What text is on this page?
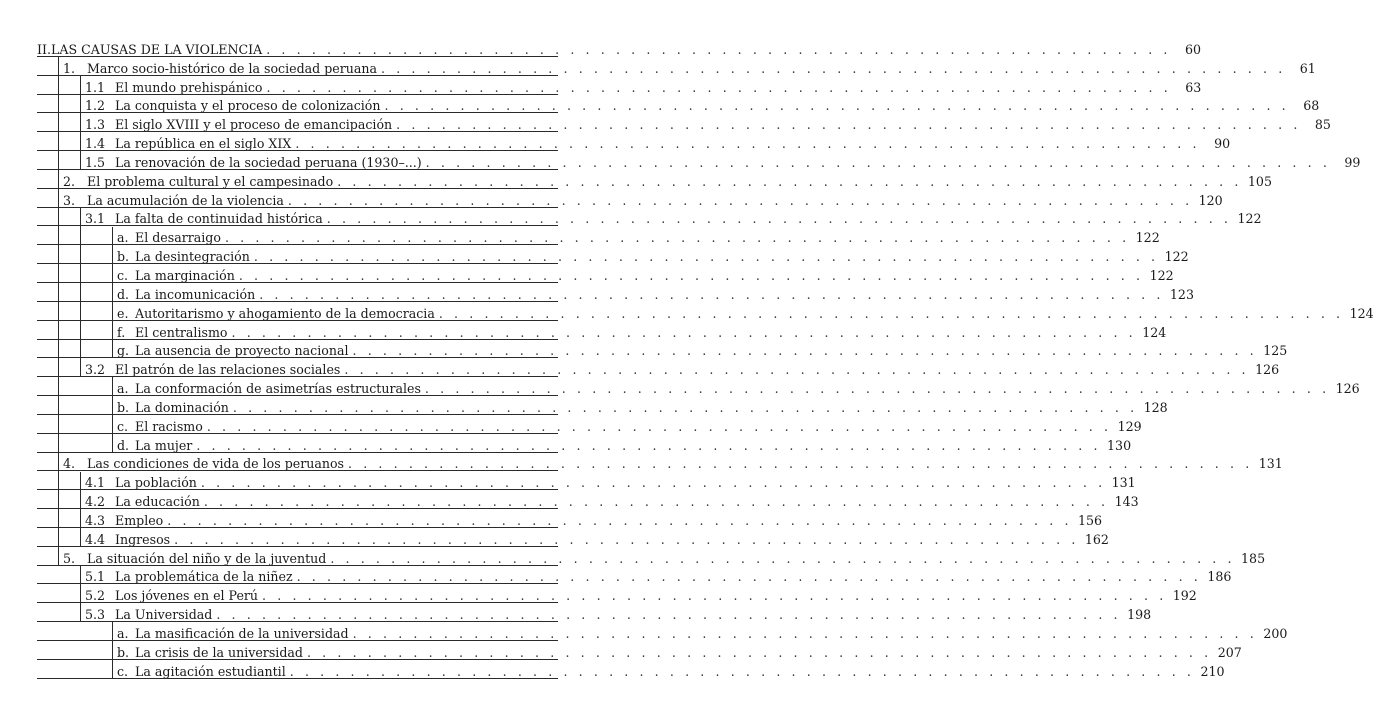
II. LAS CAUSAS DE LA VIOLENCIA . . . . . . . . . . . . . . . . . . . . . . . . . . . . . . . . . . . . . . . . . . . . . . . . . . . . . . . . . . . .	60
1. Marco socio-histórico de la sociedad peruana . . . . . . . . . . . . . . . . . . . . . . . . . . . . . . . . . . . . . . . . . . . . . . . . . . . . . . . . . . . .	61
1.1 El mundo prehispánico . . . . . . . . . . . . . . . . . . . . . . . . . . . . . . . . . . . . . . . . . . . . . . . . . . . . . . . . . . . .	63
1.2 La conquista y el proceso de colonización . . . . . . . . . . . . . . . . . . . . . . . . . . . . . . . . . . . . . . . . . . . . . . . . . . . . . . . . . . . .	68
1.3 El siglo XVIII y el proceso de emancipación . . . . . . . . . . . . . . . . . . . . . . . . . . . . . . . . . . . . . . . . . . . . . . . . . . . . . . . . . . . .	85
1.4 La república en el siglo XIX . . . . . . . . . . . . . . . . . . . . . . . . . . . . . . . . . . . . . . . . . . . . . . . . . . . . . . . . . . . .	90
1.5 La renovación de la sociedad peruana (1930–...) . . . . . . . . . . . . . . . . . . . . . . . . . . . . . . . . . . . . . . . . . . . . . . . . . . . . . . . . . . . .	99
2. El problema cultural y el campesinado . . . . . . . . . . . . . . . . . . . . . . . . . . . . . . . . . . . . . . . . . . . . . . . . . . . . . . . . . . . . 105
3. La acumulación de la violencia . . . . . . . . . . . . . . . . . . . . . . . . . . . . . . . . . . . . . . . . . . . . . . . . . . . . . . . . . . . . 120
3.1 La falta de continuidad histórica . . . . . . . . . . . . . . . . . . . . . . . . . . . . . . . . . . . . . . . . . . . . . . . . . . . . . . . . . . . . 122
a. El desarraigo . . . . . . . . . . . . . . . . . . . . . . . . . . . . . . . . . . . . . . . . . . . . . . . . . . . . . . . . . . . . 122
b. La desintegración . . . . . . . . . . . . . . . . . . . . . . . . . . . . . . . . . . . . . . . . . . . . . . . . . . . . . . . . . . . . 122
c. La marginación . . . . . . . . . . . . . . . . . . . . . . . . . . . . . . . . . . . . . . . . . . . . . . . . . . . . . . . . . . . . 122
d. La incomunicación . . . . . . . . . . . . . . . . . . . . . . . . . . . . . . . . . . . . . . . . . . . . . . . . . . . . . . . . . . . . 123
e. Autoritarismo y ahogamiento de la democracia . . . . . . . . . . . . . . . . . . . . . . . . . . . . . . . . . . . . . . . . . . . . . . . . . . . . . . . . . . . . 124
f. El centralismo . . . . . . . . . . . . . . . . . . . . . . . . . . . . . . . . . . . . . . . . . . . . . . . . . . . . . . . . . . . . 124
g. La ausencia de proyecto nacional . . . . . . . . . . . . . . . . . . . . . . . . . . . . . . . . . . . . . . . . . . . . . . . . . . . . . . . . . . . . 125
3.2 El patrón de las relaciones sociales . . . . . . . . . . . . . . . . . . . . . . . . . . . . . . . . . . . . . . . . . . . . . . . . . . . . . . . . . . . . 126
a. La conformación de asimetrías estructurales . . . . . . . . . . . . . . . . . . . . . . . . . . . . . . . . . . . . . . . . . . . . . . . . . . . . . . . . . . . . 126
b. La dominación . . . . . . . . . . . . . . . . . . . . . . . . . . . . . . . . . . . . . . . . . . . . . . . . . . . . . . . . . . . . 128
c. El racismo . . . . . . . . . . . . . . . . . . . . . . . . . . . . . . . . . . . . . . . . . . . . . . . . . . . . . . . . . . . . 129
d. La mujer . . . . . . . . . . . . . . . . . . . . . . . . . . . . . . . . . . . . . . . . . . . . . . . . . . . . . . . . . . . . 130
4. Las condiciones de vida de los peruanos . . . . . . . . . . . . . . . . . . . . . . . . . . . . . . . . . . . . . . . . . . . . . . . . . . . . . . . . . . . . 131
4.1 La población . . . . . . . . . . . . . . . . . . . . . . . . . . . . . . . . . . . . . . . . . . . . . . . . . . . . . . . . . . . . 131
4.2 La educación . . . . . . . . . . . . . . . . . . . . . . . . . . . . . . . . . . . . . . . . . . . . . . . . . . . . . . . . . . . . 143
4.3 Empleo . . . . . . . . . . . . . . . . . . . . . . . . . . . . . . . . . . . . . . . . . . . . . . . . . . . . . . . . . . . . 156
4.4 Ingresos . . . . . . . . . . . . . . . . . . . . . . . . . . . . . . . . . . . . . . . . . . . . . . . . . . . . . . . . . . . . 162
5. La situación del niño y de la juventud . . . . . . . . . . . . . . . . . . . . . . . . . . . . . . . . . . . . . . . . . . . . . . . . . . . . . . . . . . . . 185
5.1 La problemática de la niñez . . . . . . . . . . . . . . . . . . . . . . . . . . . . . . . . . . . . . . . . . . . . . . . . . . . . . . . . . . . . 186
5.2 Los jóvenes en el Perú . . . . . . . . . . . . . . . . . . . . . . . . . . . . . . . . . . . . . . . . . . . . . . . . . . . . . . . . . . . . 192
5.3 La Universidad . . . . . . . . . . . . . . . . . . . . . . . . . . . . . . . . . . . . . . . . . . . . . . . . . . . . . . . . . . . . 198
a. La masificación de la universidad . . . . . . . . . . . . . . . . . . . . . . . . . . . . . . . . . . . . . . . . . . . . . . . . . . . . . . . . . . . . 200
b. La crisis de la universidad . . . . . . . . . . . . . . . . . . . . . . . . . . . . . . . . . . . . . . . . . . . . . . . . . . . . . . . . . . . . 207
c. La agitación estudiantil . . . . . . . . . . . . . . . . . . . . . . . . . . . . . . . . . . . . . . . . . . . . . . . . . . . . . . . . . . . . 210
